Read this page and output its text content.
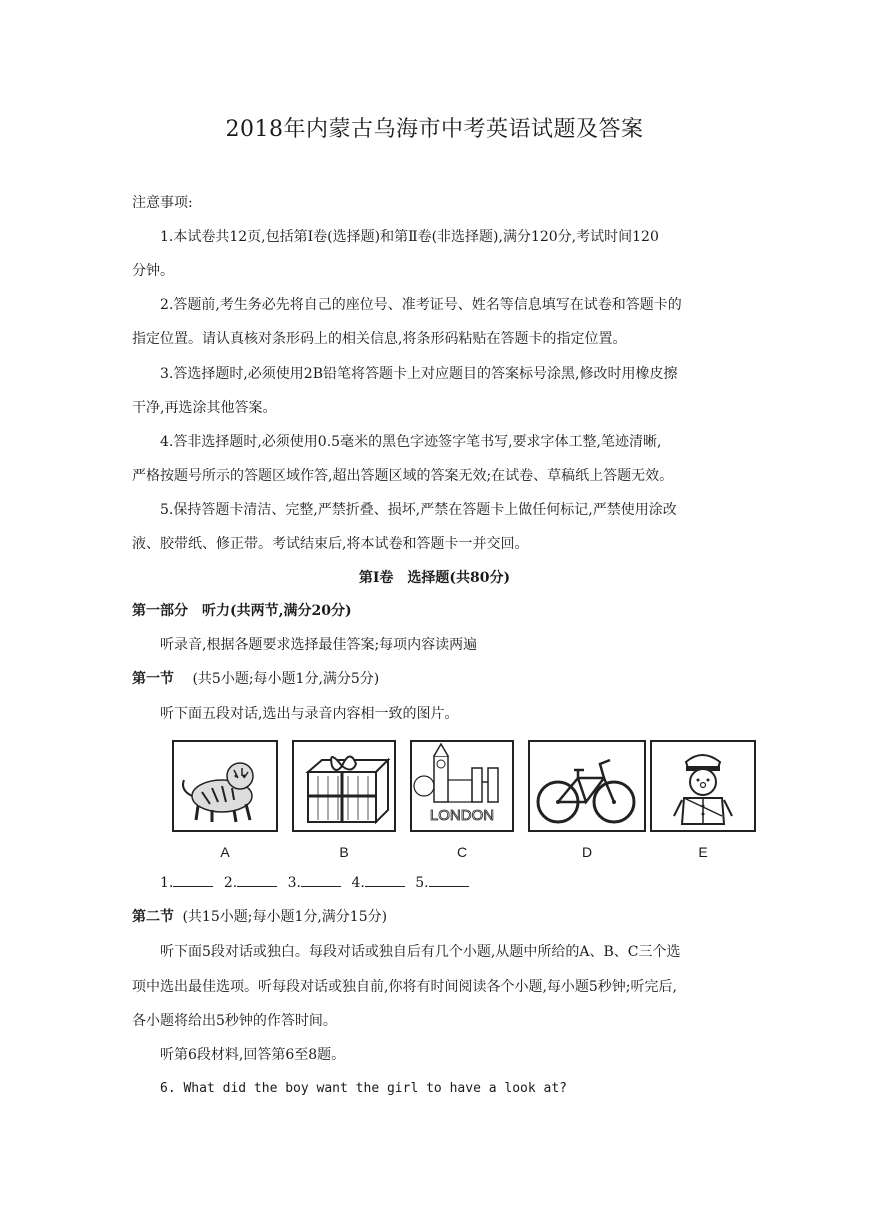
2018年内蒙古乌海市中考英语试题及答案
注意事项:
1.本试卷共12页,包括第Ⅰ卷(选择题)和第Ⅱ卷(非选择题),满分120分,考试时间120
分钟。
2.答题前,考生务必先将自己的座位号、准考证号、姓名等信息填写在试卷和答题卡的
指定位置。请认真核对条形码上的相关信息,将条形码粘贴在答题卡的指定位置。
3.答选择题时,必须使用2B铅笔将答题卡上对应题目的答案标号涂黑,修改时用橡皮擦
干净,再选涂其他答案。
4.答非选择题时,必须使用0.5毫米的黑色字迹签字笔书写,要求字体工整,笔迹清晰,
严格按题号所示的答题区域作答,超出答题区域的答案无效;在试卷、草稿纸上答题无效。
5.保持答题卡清洁、完整,严禁折叠、损坏,严禁在答题卡上做任何标记,严禁使用涂改
液、胶带纸、修正带。考试结束后,将本试卷和答题卡一并交回。
第Ⅰ卷　选择题(共80分)
第一部分　听力(共两节,满分20分)
听录音,根据各题要求选择最佳答案;每项内容读两遍
第一节 (共5小题;每小题1分,满分5分)
听下面五段对话,选出与录音内容相一致的图片。
A	B
LONDON
C	D	E
1.	2.	3.	4.	5.
第二节 (共15小题;每小题1分,满分15分)
听下面5段对话或独白。每段对话或独自后有几个小题,从题中所给的A、B、C三个选
项中选出最佳选项。听每段对话或独自前,你将有时间阅读各个小题,每小题5秒钟;听完后,
各小题将给出5秒钟的作答时间。
听第6段材料,回答第6至8题。
6. What did the boy want the girl to have a look at?
